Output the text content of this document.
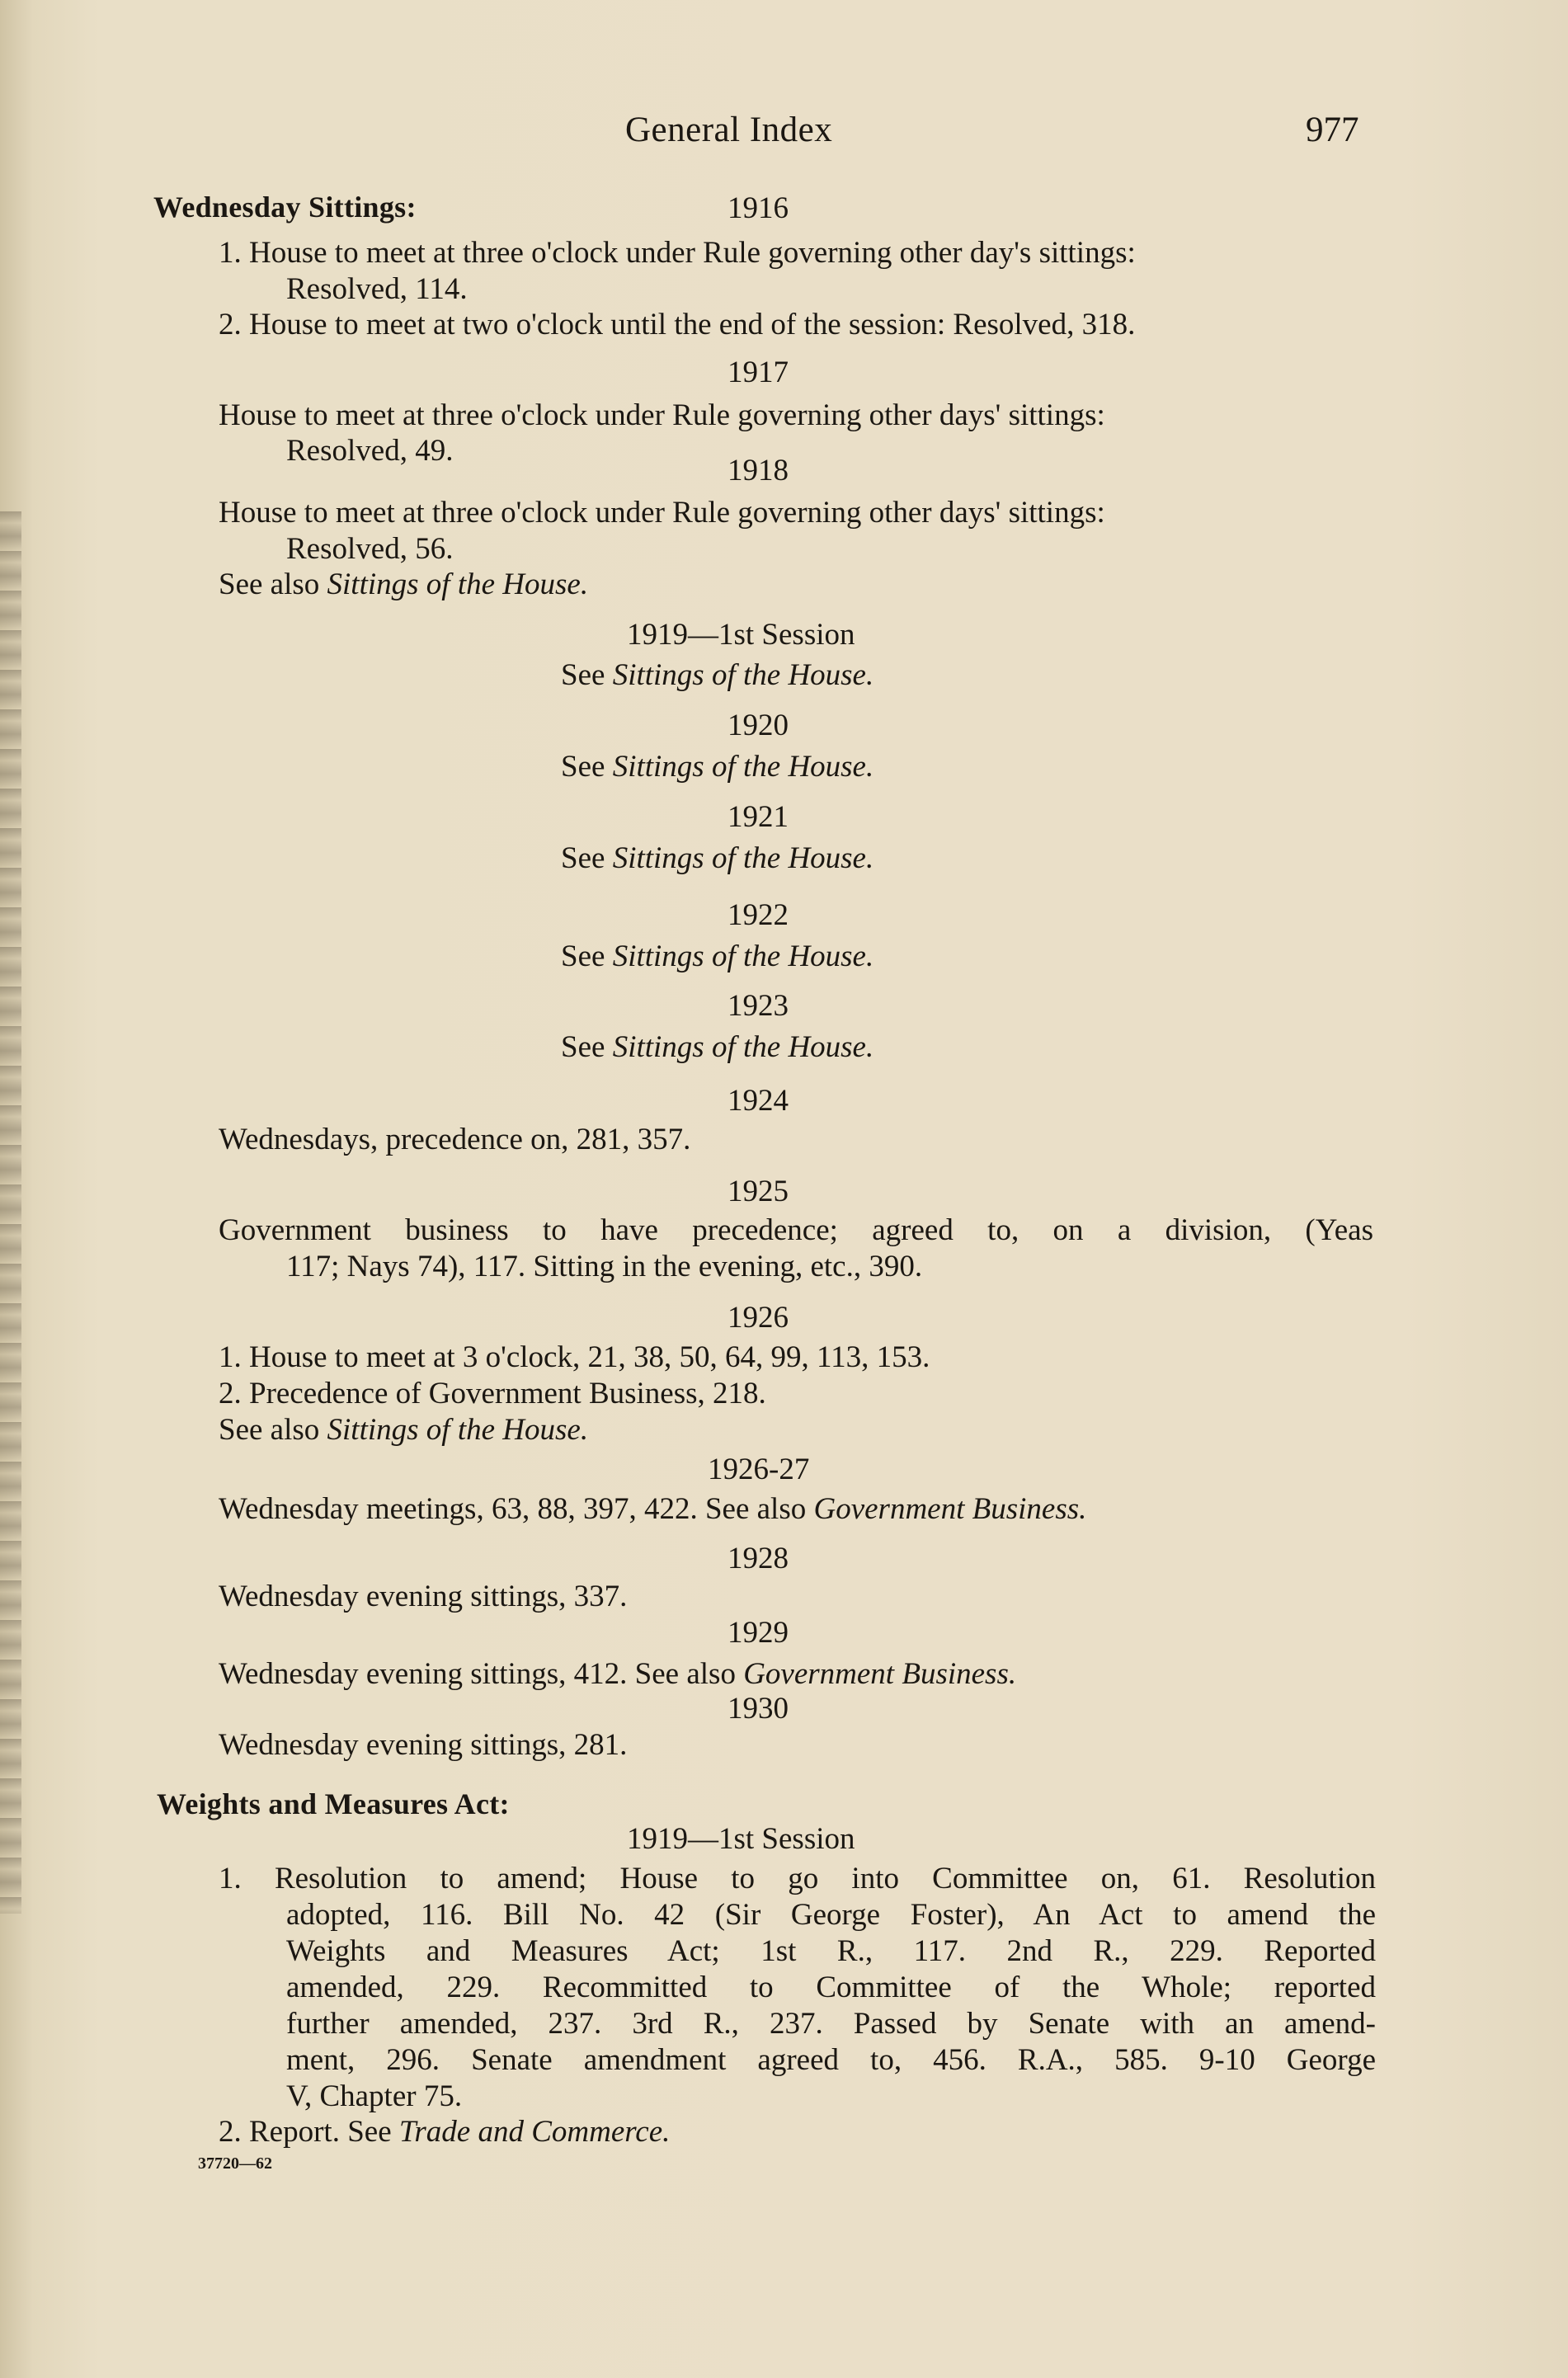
General Index	977
Wednesday Sittings:	1916
1. House to meet at three o'clock under Rule governing other day's sittings:
Resolved, 114.
2. House to meet at two o'clock until the end of the session: Resolved, 318.
1917
House to meet at three o'clock under Rule governing other days' sittings:
Resolved, 49.
1918
House to meet at three o'clock under Rule governing other days' sittings:
Resolved, 56.
See also Sittings of the House.
1919—1st Session
See Sittings of the House.
1920
See Sittings of the House.
1921
See Sittings of the House.
1922
See Sittings of the House.
1923
See Sittings of the House.
1924
Wednesdays, precedence on, 281, 357.
1925
Government business to have precedence; agreed to, on a division, (Yeas
117; Nays 74), 117. Sitting in the evening, etc., 390.
1926
1. House to meet at 3 o'clock, 21, 38, 50, 64, 99, 113, 153.
2. Precedence of Government Business, 218.
See also Sittings of the House.
1926-27
Wednesday meetings, 63, 88, 397, 422. See also Government Business.
1928
Wednesday evening sittings, 337.
1929
Wednesday evening sittings, 412. See also Government Business.
1930
Wednesday evening sittings, 281.
Weights and Measures Act:
1919—1st Session
1. Resolution to amend; House to go into Committee on, 61. Resolution
adopted, 116. Bill No. 42 (Sir George Foster), An Act to amend the
Weights and Measures Act; 1st R., 117. 2nd R., 229. Reported
amended, 229. Recommitted to Committee of the Whole; reported
further amended, 237. 3rd R., 237. Passed by Senate with an amend-
ment, 296. Senate amendment agreed to, 456. R.A., 585. 9-10 George
V, Chapter 75.
2. Report. See Trade and Commerce.
37720—62
